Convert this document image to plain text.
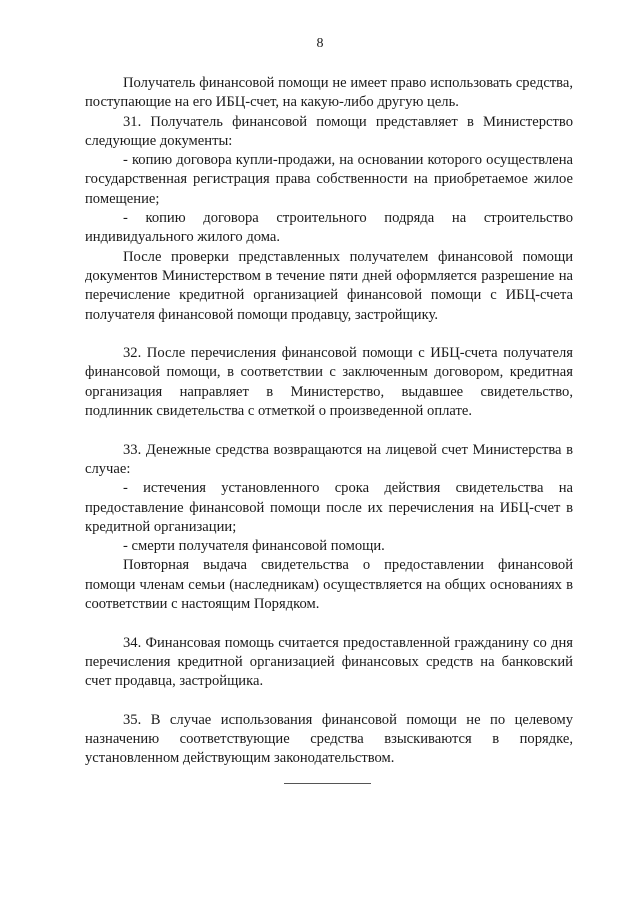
8

Получатель финансовой помощи не имеет право использовать средства, поступающие на его ИБЦ-счет, на какую-либо другую цель.

31. Получатель финансовой помощи представляет в Министерство следующие документы:

- копию договора купли-продажи, на основании которого осуществлена государственная регистрация права собственности на приобретаемое жилое помещение;

- копию договора строительного подряда на строительство индивидуального жилого дома.

После проверки представленных получателем финансовой помощи документов Министерством в течение пяти дней оформляется разрешение на перечисление кредитной организацией финансовой помощи с ИБЦ-счета получателя финансовой помощи продавцу, застройщику.

32. После перечисления финансовой помощи с ИБЦ-счета получателя финансовой помощи, в соответствии с заключенным договором, кредитная организация направляет в Министерство, выдавшее свидетельство, подлинник свидетельства с отметкой о произведенной оплате.

33. Денежные средства возвращаются на лицевой счет Министерства в случае:

- истечения установленного срока действия свидетельства на предоставление финансовой помощи после их перечисления на ИБЦ-счет в кредитной организации;

- смерти получателя финансовой помощи.

Повторная выдача свидетельства о предоставлении финансовой помощи членам семьи (наследникам) осуществляется на общих основаниях в соответствии с настоящим Порядком.

34. Финансовая помощь считается предоставленной гражданину со дня перечисления кредитной организацией финансовых средств на банковский счет продавца, застройщика.

35. В случае использования финансовой помощи не по целевому назначению соответствующие средства взыскиваются в порядке, установленном действующим законодательством.
